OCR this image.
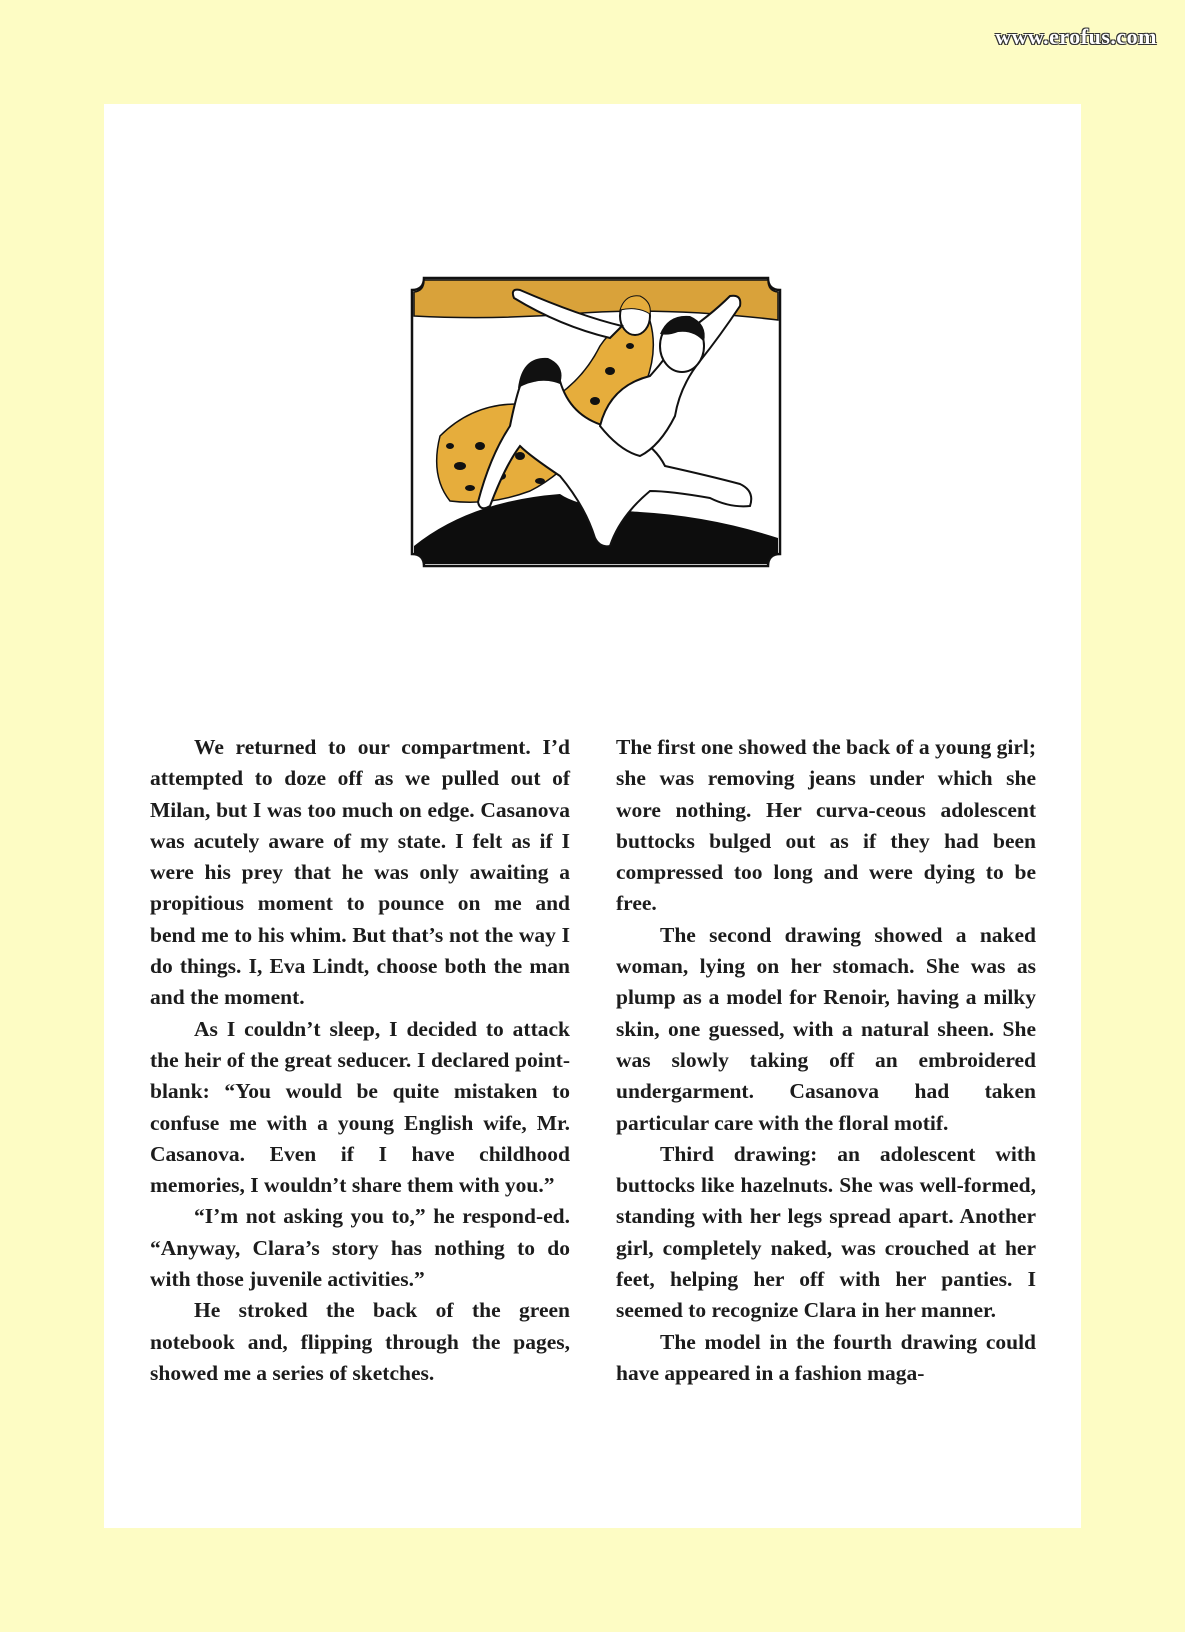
www.erofus.com

We returned to our compartment. I’d attempted to doze off as we pulled out of Milan, but I was too much on edge. Casanova was acutely aware of my state. I felt as if I were his prey that he was only awaiting a propitious moment to pounce on me and bend me to his whim. But that’s not the way I do things. I, Eva Lindt, choose both the man and the moment.

As I couldn’t sleep, I decided to attack the heir of the great seducer. I declared point-blank: “You would be quite mistaken to confuse me with a young English wife, Mr. Casanova. Even if I have childhood memories, I wouldn’t share them with you.”

“I’m not asking you to,” he respond-ed. “Anyway, Clara’s story has nothing to do with those juvenile activities.”

He stroked the back of the green notebook and, flipping through the pages, showed me a series of sketches.

The first one showed the back of a young girl; she was removing jeans under which she wore nothing. Her curva-ceous adolescent buttocks bulged out as if they had been compressed too long and were dying to be free.

The second drawing showed a naked woman, lying on her stomach. She was as plump as a model for Renoir, having a milky skin, one guessed, with a natural sheen. She was slowly taking off an embroidered undergarment. Casanova had taken particular care with the floral motif.

Third drawing: an adolescent with buttocks like hazelnuts. She was well-formed, standing with her legs spread apart. Another girl, completely naked, was crouched at her feet, helping her off with her panties. I seemed to recognize Clara in her manner.

The model in the fourth drawing could have appeared in a fashion maga-
